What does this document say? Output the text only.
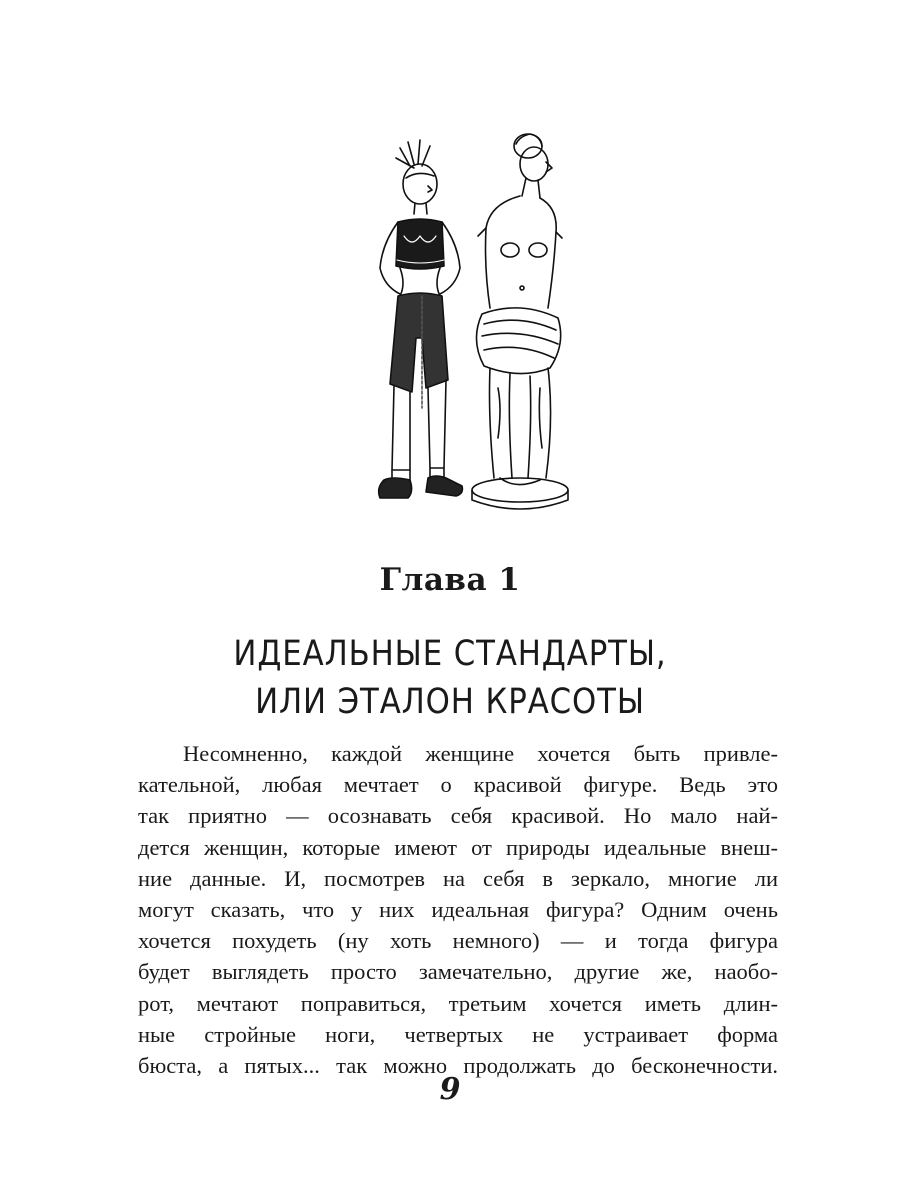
Глава 1
ИДЕАЛЬНЫЕ СТАНДАРТЫ,
ИЛИ ЭТАЛОН КРАСОТЫ
Несомненно, каждой женщине хочется быть привле-
кательной, любая мечтает о красивой фигуре. Ведь это
так приятно — осознавать себя красивой. Но мало най-
дется женщин, которые имеют от природы идеальные внеш-
ние данные. И, посмотрев на себя в зеркало, многие ли
могут сказать, что у них идеальная фигура? Одним очень
хочется похудеть (ну хоть немного) — и тогда фигура
будет выглядеть просто замечательно, другие же, наобо-
рот, мечтают поправиться, третьим хочется иметь длин-
ные стройные ноги, четвертых не устраивает форма
бюста, а пятых... так можно продолжать до бесконечности.
9
